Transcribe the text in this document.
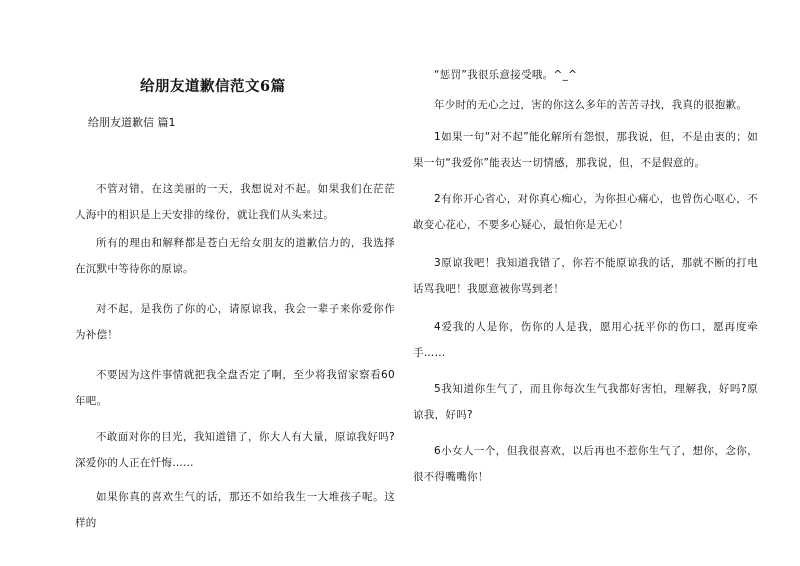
给朋友道歉信范文6篇
给朋友道歉信 篇1
不管对错，在这美丽的一天，我想说对不起。如果我们在茫茫人海中的相识是上天安排的缘份，就让我们从头来过。
所有的理由和解释都是苍白无给女朋友的道歉信力的，我选择在沉默中等待你的原谅。
对不起，是我伤了你的心，请原谅我，我会一辈子来你爱你作为补偿！
不要因为这件事情就把我全盘否定了啊，至少将我留家察看60年吧。
不敢面对你的目光，我知道错了，你大人有大量，原谅我好吗?深爱你的人正在忏悔……
如果你真的喜欢生气的话，那还不如给我生一大堆孩子呢。这样的
“惩罚”我很乐意接受哦。^_^
年少时的无心之过，害的你这么多年的苦苦寻找，我真的很抱歉。
1如果一句“对不起”能化解所有怨恨，那我说，但，不是由衷的；如果一句“我爱你”能表达一切情感，那我说，但，不是假意的。
2有你开心省心，对你真心痴心，为你担心痛心，也曾伤心呕心，不敢变心花心，不要多心疑心，最怕你是无心！
3原谅我吧！我知道我错了，你若不能原谅我的话，那就不断的打电话骂我吧！我愿意被你骂到老！
4爱我的人是你，伤你的人是我，愿用心抚平你的伤口，愿再度牵手……
5我知道你生气了，而且你每次生气我都好害怕，理解我，好吗?原谅我，好吗?
6小女人一个，但我很喜欢，以后再也不惹你生气了，想你，念你，很不得嘴嘴你！
